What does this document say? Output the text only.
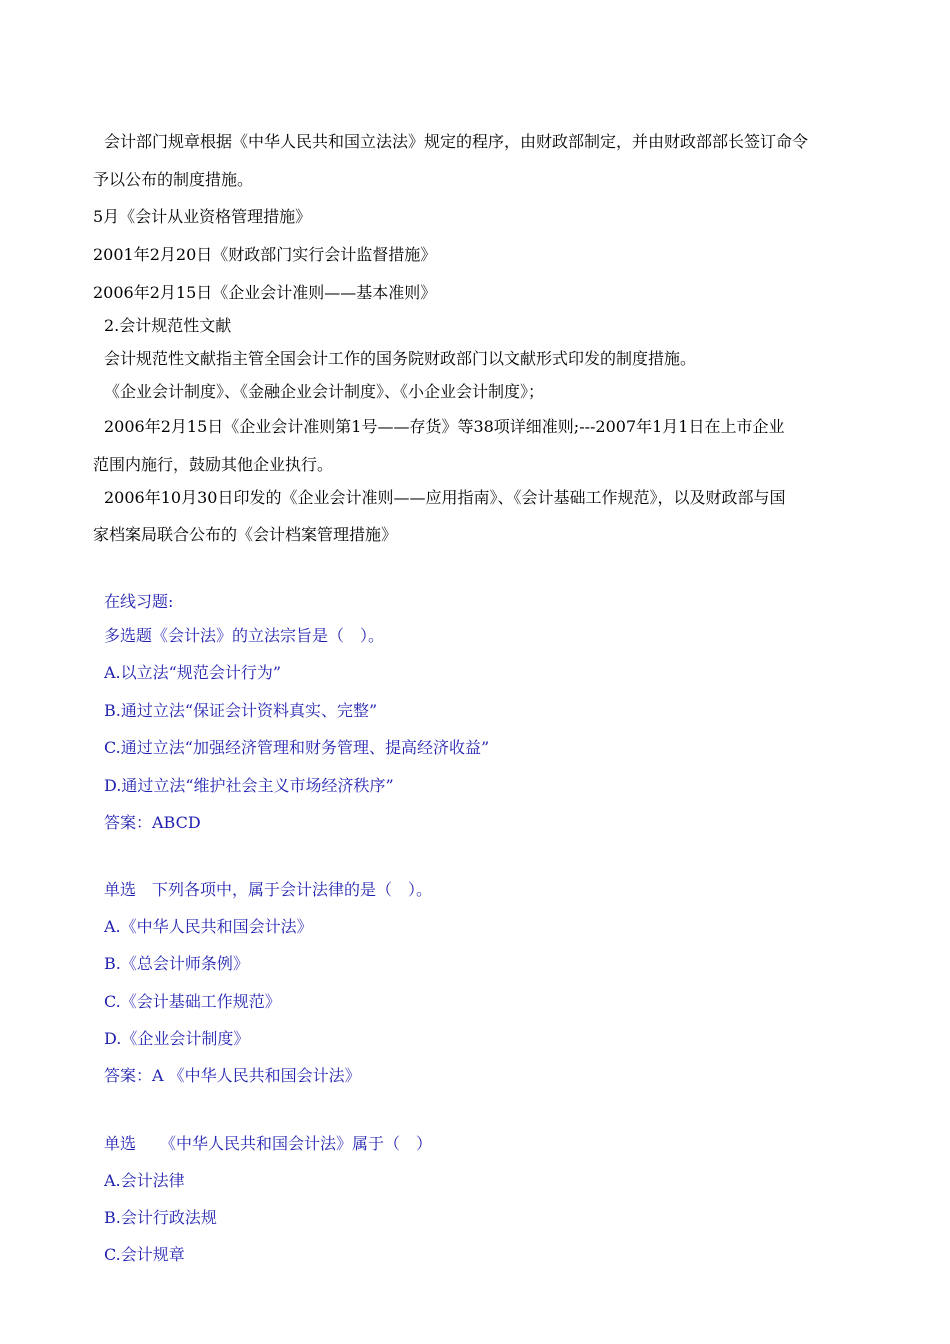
会计部门规章根据《中华人民共和国立法法》规定的程序，由财政部制定，并由财政部部长签订命令
予以公布的制度措施。
5月《会计从业资格管理措施》
2001年2月20日《财政部门实行会计监督措施》
2006年2月15日《企业会计准则——基本准则》
2.会计规范性文献
会计规范性文献指主管全国会计工作的国务院财政部门以文献形式印发的制度措施。
《企业会计制度》、《金融企业会计制度》、《小企业会计制度》；
2006年2月15日《企业会计准则第1号——存货》等38项详细准则;---2007年1月1日在上市企业
范围内施行，鼓励其他企业执行。
2006年10月30日印发的《企业会计准则——应用指南》、《会计基础工作规范》，以及财政部与国
家档案局联合公布的《会计档案管理措施》
在线习题:
多选题《会计法》的立法宗旨是（　）。
A.以立法“规范会计行为”
B.通过立法“保证会计资料真实、完整”
C.通过立法“加强经济管理和财务管理、提高经济收益”
D.通过立法“维护社会主义市场经济秩序”
答案：ABCD
单选　下列各项中，属于会计法律的是（　）。
A.《中华人民共和国会计法》
B.《总会计师条例》
C.《会计基础工作规范》
D.《企业会计制度》
答案：A 《中华人民共和国会计法》
单选　　《中华人民共和国会计法》属于（　）
A.会计法律
B.会计行政法规
C.会计规章
